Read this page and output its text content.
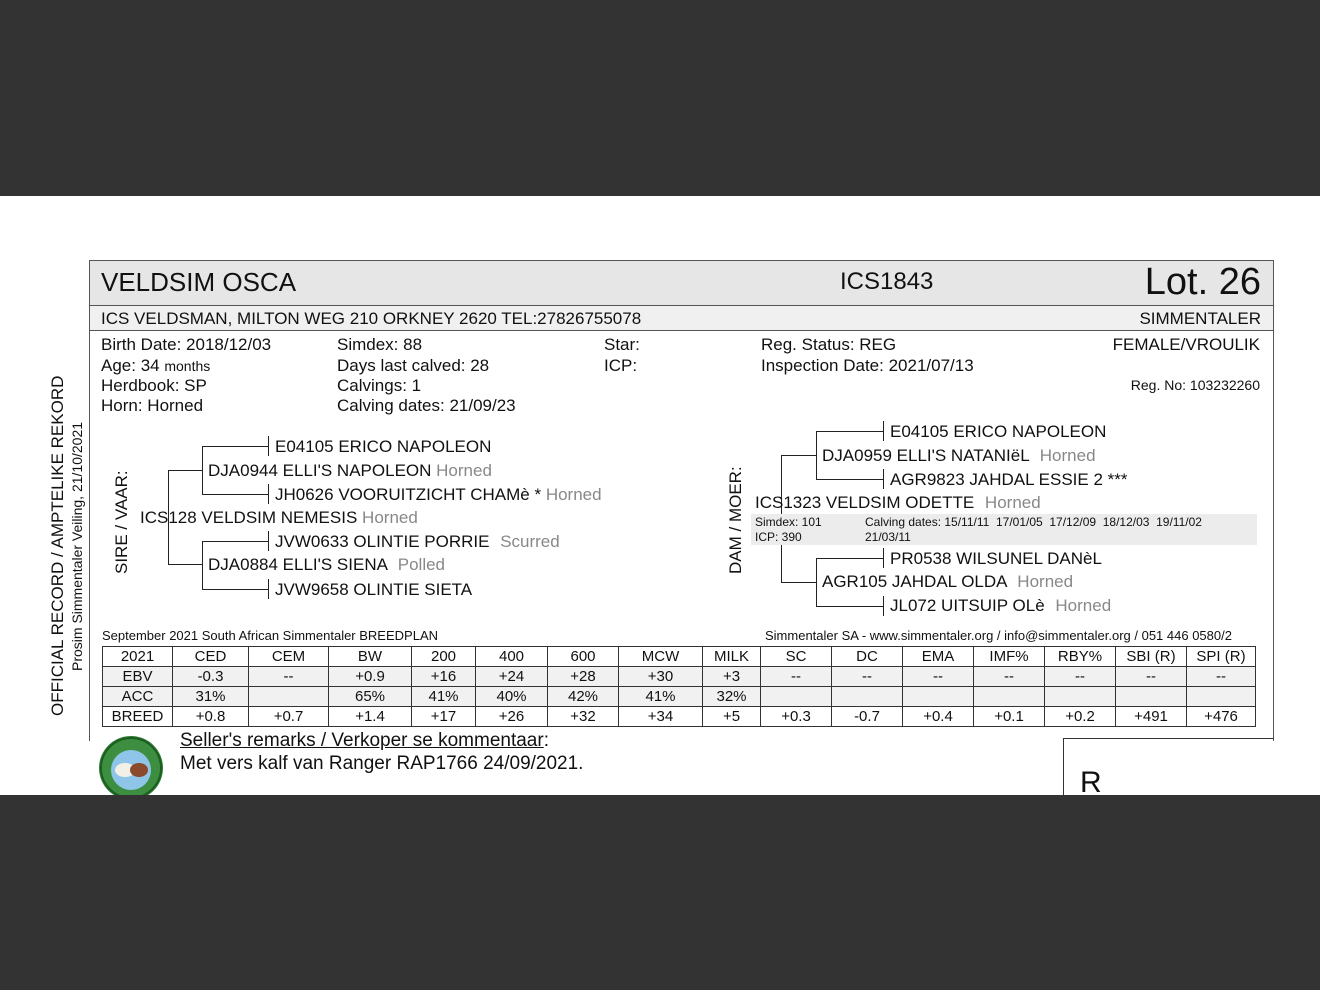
OFFICIAL RECORD / AMPTELIKE REKORD Prosim Simmentaler Veiling, 21/10/2021
VELDSIM OSCA	ICS1843	Lot. 26
ICS VELDSMAN, MILTON WEG 210 ORKNEY 2620 TEL:27826755078	SIMMENTALER
Birth Date: 2018/12/03
Age: 34 months
Herdbook: SP
Horn: Horned
Simdex: 88
Days last calved: 28
Calvings: 1
Calving dates: 21/09/23
Star:
ICP:
Reg. Status: REG
Inspection Date: 2021/07/13
FEMALE/VROULIK
Reg. No: 103232260
SIRE / VAAR:
E04105 ERICO NAPOLEON
DJA0944 ELLI'S NAPOLEON Horned
JH0626 VOORUITZICHT CHAMè * Horned
ICS128 VELDSIM NEMESIS Horned
JVW0633 OLINTIE PORRIE Scurred
DJA0884 ELLI'S SIENA Polled
JVW9658 OLINTIE SIETA
DAM / MOER:
E04105 ERICO NAPOLEON
DJA0959 ELLI'S NATANIëL Horned
AGR9823 JAHDAL ESSIE 2 ***
ICS1323 VELDSIM ODETTE Horned
Simdex: 101
ICP: 390
Calving dates: 15/11/11  17/01/05  17/12/09  18/12/03  19/11/02
21/03/11
PR0538 WILSUNEL DANèL
AGR105 JAHDAL OLDA Horned
JL072 UITSUIP OLè Horned
September 2021 South African Simmentaler BREEDPLAN	Simmentaler SA - www.simmentaler.org / info@simmentaler.org / 051 446 0580/2
2021	CED	CEM	BW	200	400	600	MCW	MILK	SC	DC	EMA	IMF%	RBY%	SBI (R)	SPI (R)
EBV	-0.3	--	+0.9	+16	+24	+28	+30	+3	--	--	--	--	--	--	--
ACC	31%		65%	41%	40%	42%	41%	32%							
BREED	+0.8	+0.7	+1.4	+17	+26	+32	+34	+5	+0.3	-0.7	+0.4	+0.1	+0.2	+491	+476
Seller's remarks / Verkoper se kommentaar:
Met vers kalf van Ranger RAP1766 24/09/2021.
R
